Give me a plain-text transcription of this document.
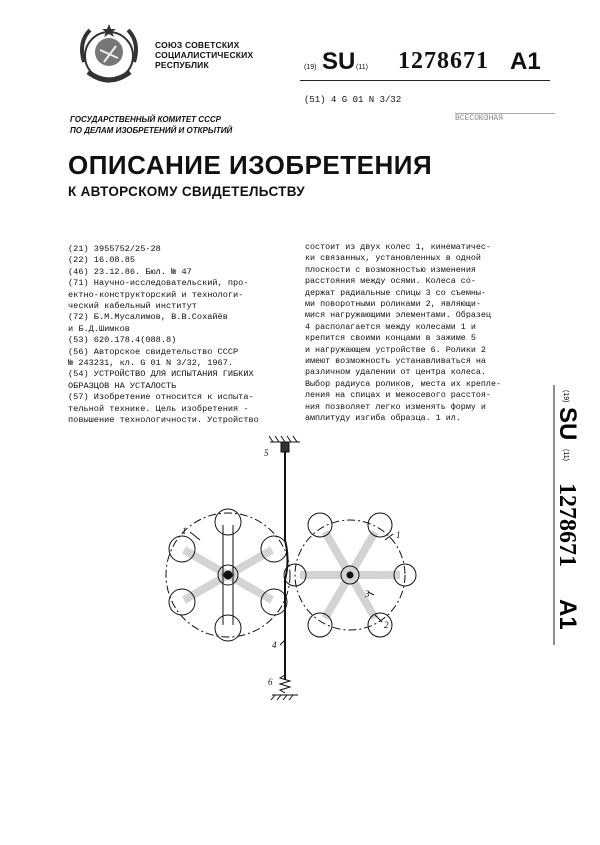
СОЮЗ СОВЕТСКИХ
СОЦИАЛИСТИЧЕСКИХ
РЕСПУБЛИК	(19) SU (11) 1278671 A1
(51) 4 G 01 N 3/32
ГОСУДАРСТВЕННЫЙ КОМИТЕТ СССР
ПО ДЕЛАМ ИЗОБРЕТЕНИЙ И ОТКРЫТИЙ
ВСЕСОЮЗНАЯ
ОПИСАНИЕ ИЗОБРЕТЕНИЯ
К АВТОРСКОМУ СВИДЕТЕЛЬСТВУ
(21) 3955752/25-28
(22) 16.08.85
(46) 23.12.86. Бюл. № 47
(71) Научно-исследовательский, про-
ектно-конструкторский и технологи-
ческий кабельный институт
(72) Б.М.Мусалимов, В.В.Сохайёв
и Б.Д.Шимков
(53) 620.178.4(088.8)
(56) Авторское свидетельство СССР
№ 243231, кл. G 01 N 3/32, 1967.
(54) УСТРОЙСТВО ДЛЯ ИСПЫТАНИЯ ГИБКИХ
ОБРАЗЦОВ НА УСТАЛОСТЬ
(57) Изобретение относится к испыта-
тельной технике. Цель изобретения -
повышение технологичности. Устройство
состоит из двух колес 1, кинематичес-
ки связанных, установленных в одной
плоскости с возможностью изменения
расстояния между осями. Колеса со-
держат радиальные спицы 3 со съемны-
ми поворотными роликами 2, являющи-
мися нагружающими элементами. Образец
4 располагается между колесами 1 и
крепится своими концами в зажиме 5
и нагружающем устройстве 6. Ролики 2
имеют возможность устанавливаться на
различном удалении от центра колеса.
Выбор радиуса роликов, места их крепле-
ления на спицах и межосевого расстоя-
ния позволяет легко изменять форму и
амплитуду изгиба образца. 1 ил.
(19)
SU
(11)
1278671
A1
1	1
2
3
4
5
6
